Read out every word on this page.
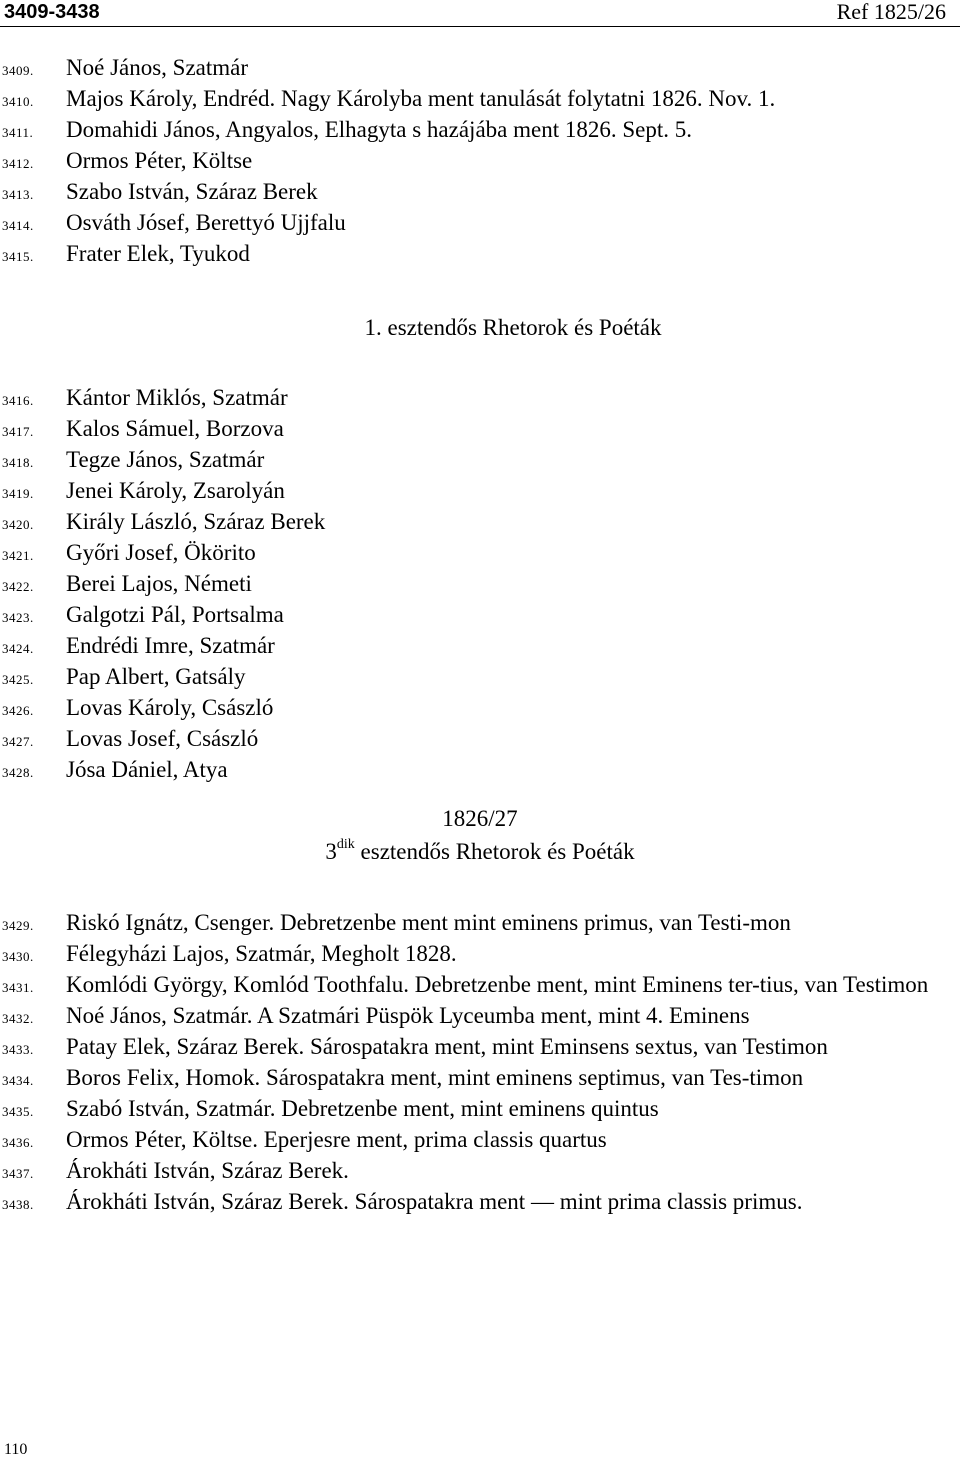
3409-3438	Ref 1825/26
3409. Noé János, Szatmár
3410. Majos Károly, Endréd. Nagy Károlyba ment tanulását folytatni 1826. Nov. 1.
3411. Domahidi János, Angyalos, Elhagyta s hazájába ment 1826. Sept. 5.
3412. Ormos Péter, Költse
3413. Szabo István, Száraz Berek
3414. Osváth Jósef, Berettyó Ujjfalu
3415. Frater Elek, Tyukod
1. esztendős Rhetorok és Poéták
3416. Kántor Miklós, Szatmár
3417. Kalos Sámuel, Borzova
3418. Tegze János, Szatmár
3419. Jenei Károly, Zsarolyán
3420. Király László, Száraz Berek
3421. Győri Josef, Ökörito
3422. Berei Lajos, Németi
3423. Galgotzi Pál, Portsalma
3424. Endrédi Imre, Szatmár
3425. Pap Albert, Gatsály
3426. Lovas Károly, Császló
3427. Lovas Josef, Császló
3428. Jósa Dániel, Atya
1826/27
$3^{dik}$ esztendős Rhetorok és Poéták
3429. Riskó Ignátz, Csenger. Debretzenbe ment mint eminens primus, van Testi-mon
3430. Félegyházi Lajos, Szatmár, Megholt 1828.
3431. Komlódi György, Komlód Toothfalu. Debretzenbe ment, mint Eminens ter-tius, van Testimon
3432. Noé János, Szatmár. A Szatmári Püspök Lyceumba ment, mint 4. Eminens
3433. Patay Elek, Száraz Berek. Sárospatakra ment, mint Eminsens sextus, van Testimon
3434. Boros Felix, Homok. Sárospatakra ment, mint eminens septimus, van Tes-timon
3435. Szabó István, Szatmár. Debretzenbe ment, mint eminens quintus
3436. Ormos Péter, Költse. Eperjesre ment, prima classis quartus
3437. Árokháti István, Száraz Berek.
3438. Árokháti István, Száraz Berek. Sárospatakra ment — mint prima classis primus.
110
